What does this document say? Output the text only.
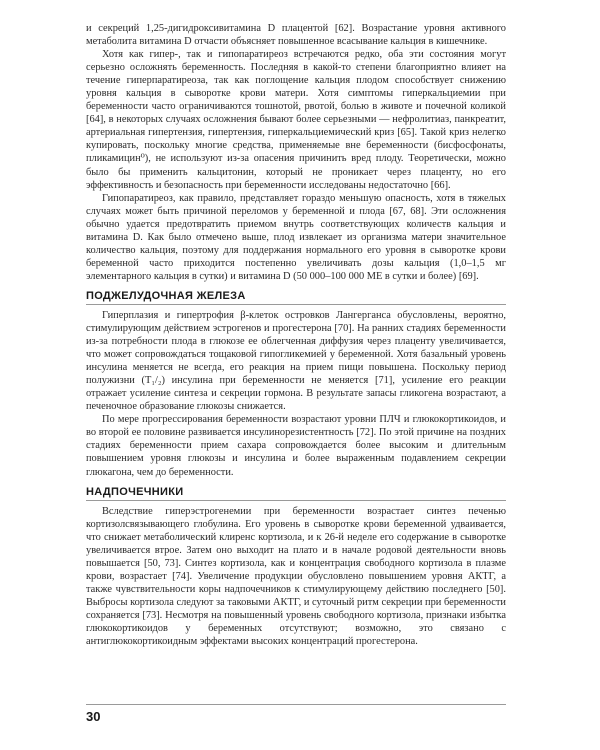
и секреций 1,25-дигидроксивитамина D плацентой [62]. Возрастание уровня активного метаболита витамина D отчасти объясняет повышенное всасывание кальция в кишечнике.

Хотя как гипер-, так и гипопаратиреоз встречаются редко, оба эти состояния могут серьезно осложнять беременность. Последняя в какой-то степени благоприятно влияет на течение гиперпаратиреоза, так как поглощение кальция плодом способствует снижению уровня кальция в сыворотке крови матери. Хотя симптомы гиперкальциемии при беременности часто ограничиваются тошнотой, рвотой, болью в животе и почечной коликой [64], в некоторых случаях осложнения бывают более серьезными — нефролитиаз, панкреатит, артериальная гипертензия, гипертензия, гиперкальциемический криз [65]. Такой криз нелегко купировать, поскольку многие средства, применяемые вне беременности (бисфосфонаты, пликамицин⁰), не используют из-за опасения причинить вред плоду. Теоретически, можно было бы применить кальцитонин, который не проникает через плаценту, но его эффективность и безопасность при беременности исследованы недостаточно [66].

Гипопаратиреоз, как правило, представляет гораздо меньшую опасность, хотя в тяжелых случаях может быть причиной переломов у беременной и плода [67, 68]. Эти осложнения обычно удается предотвратить приемом внутрь соответствующих количеств кальция и витамина D. Как было отмечено выше, плод извлекает из организма матери значительное количество кальция, поэтому для поддержания нормального его уровня в сыворотке крови беременной часто приходится постепенно увеличивать дозы кальция (1,0–1,5 мг элементарного кальция в сутки) и витамина D (50 000–100 000 МЕ в сутки и более) [69].

ПОДЖЕЛУДОЧНАЯ ЖЕЛЕЗА

Гиперплазия и гипертрофия β-клеток островков Лангерганса обусловлены, вероятно, стимулирующим действием эстрогенов и прогестерона [70]. На ранних стадиях беременности из-за потребности плода в глюкозе ее облегченная диффузия через плаценту увеличивается, что может сопровождаться тощаковой гипогликемией у беременной. Хотя базальный уровень инсулина меняется не всегда, его реакция на прием пищи повышена. Поскольку период полужизни (T₁/₂) инсулина при беременности не меняется [71], усиление его реакции отражает усиление синтеза и секреции гормона. В результате запасы гликогена возрастают, а печеночное образование глюкозы снижается.

По мере прогрессирования беременности возрастают уровни ПЛЧ и глюкокортикоидов, и во второй ее половине развивается инсулинорезистентность [72]. По этой причине на поздних стадиях беременности прием сахара сопровождается более высоким и длительным повышением уровня глюкозы и инсулина и более выраженным подавлением секреции глюкагона, чем до беременности.

НАДПОЧЕЧНИКИ

Вследствие гиперэстрогенемии при беременности возрастает синтез печенью кортизолсвязывающего глобулина. Его уровень в сыворотке крови беременной удваивается, что снижает метаболический клиренс кортизола, и к 26-й неделе его содержание в сыворотке увеличивается втрое. Затем оно выходит на плато и в начале родовой деятельности вновь повышается [50, 73]. Синтез кортизола, как и концентрация свободного кортизола в плазме крови, возрастает [74]. Увеличение продукции обусловлено повышением уровня АКТГ, а также чувствительности коры надпочечников к стимулирующему действию последнего [50]. Выбросы кортизола следуют за таковыми АКТГ, и суточный ритм секреции при беременности сохраняется [73]. Несмотря на повышенный уровень свободного кортизола, признаки избытка глюкокортикоидов у беременных отсутствуют; возможно, это связано с антиглюкокортикоидным эффектами высоких концентраций прогестерона.

30
